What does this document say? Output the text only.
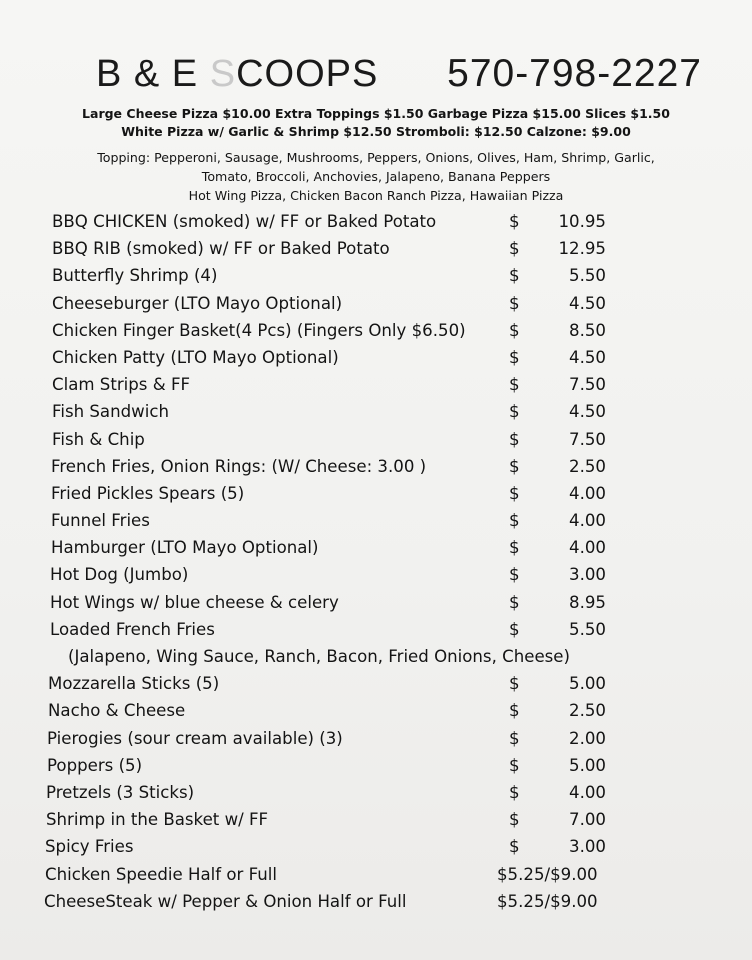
B & E SCOOPS 570-798-2227
Large Cheese Pizza $10.00 Extra Toppings $1.50 Garbage Pizza $15.00 Slices $1.50
White Pizza w/ Garlic & Shrimp $12.50 Stromboli: $12.50 Calzone: $9.00
Topping: Pepperoni, Sausage, Mushrooms, Peppers, Onions, Olives, Ham, Shrimp, Garlic,
Tomato, Broccoli, Anchovies, Jalapeno, Banana Peppers
Hot Wing Pizza, Chicken Bacon Ranch Pizza, Hawaiian Pizza
BBQ CHICKEN (smoked) w/ FF or Baked Potato	$ 10.95
BBQ RIB (smoked) w/ FF or Baked Potato	$ 12.95
Butterfly Shrimp (4)	$	5.50
Cheeseburger (LTO Mayo Optional)	$	4.50
Chicken Finger Basket(4 Pcs) (Fingers Only $6.50)	$	8.50
Chicken Patty (LTO Mayo Optional)	$	4.50
Clam Strips & FF	$	7.50
Fish Sandwich	$	4.50
Fish & Chip	$	7.50
French Fries, Onion Rings: (W/ Cheese: 3.00 )	$	2.50
Fried Pickles Spears (5)	$	4.00
Funnel Fries	$	4.00
Hamburger (LTO Mayo Optional)	$	4.00
Hot Dog (Jumbo)	$	3.00
Hot Wings w/ blue cheese & celery	$	8.95
Loaded French Fries	$	5.50
(Jalapeno, Wing Sauce, Ranch, Bacon, Fried Onions, Cheese)
Mozzarella Sticks (5)	$	5.00
Nacho & Cheese	$	2.50
Pierogies (sour cream available) (3)	$	2.00
Poppers (5)	$	5.00
Pretzels (3 Sticks)	$	4.00
Shrimp in the Basket w/ FF	$	7.00
Spicy Fries	$	3.00
Chicken Speedie Half or Full	$5.25/$9.00
CheeseSteak w/ Pepper & Onion Half or Full	$5.25/$9.00
